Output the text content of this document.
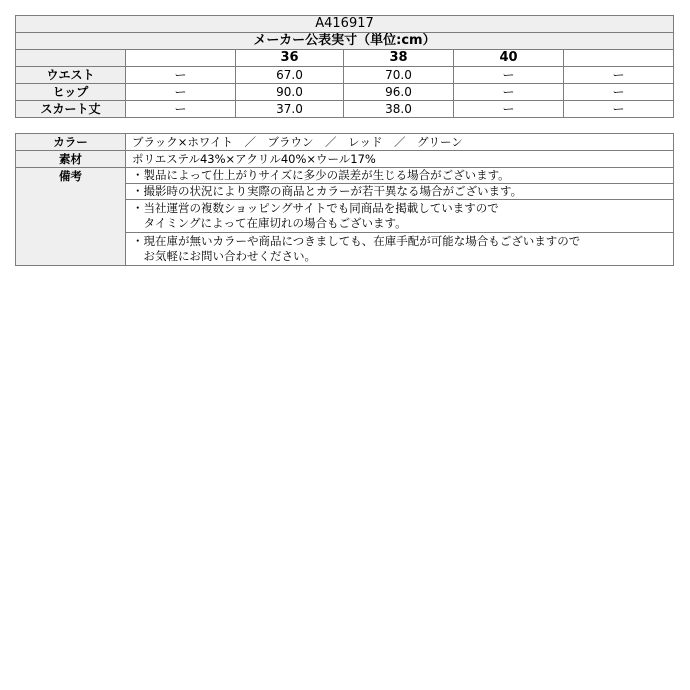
A416917					
メーカー公表実寸（単位:cm）					
		36	38	40	
ウエスト	ー	67.0	70.0	ー	ー
ヒップ	ー	90.0	96.0	ー	ー
スカート丈	ー	37.0	38.0	ー	ー
カラー	ブラック×ホワイト　／　ブラウン　／　レッド　／　グリーン
素材	ポリエステル43%×アクリル40%×ウール17%
備考	・製品によって仕上がりサイズに多少の誤差が生じる場合がございます。

	・撮影時の状況により実際の商品とカラーが若干異なる場合がございます。

	・当社運営の複数ショッピングサイトでも同商品を掲載していますので
　タイミングによって在庫切れの場合もございます。

	・現在庫が無いカラーや商品につきましても、在庫手配が可能な場合もございますので
　お気軽にお問い合わせください。
